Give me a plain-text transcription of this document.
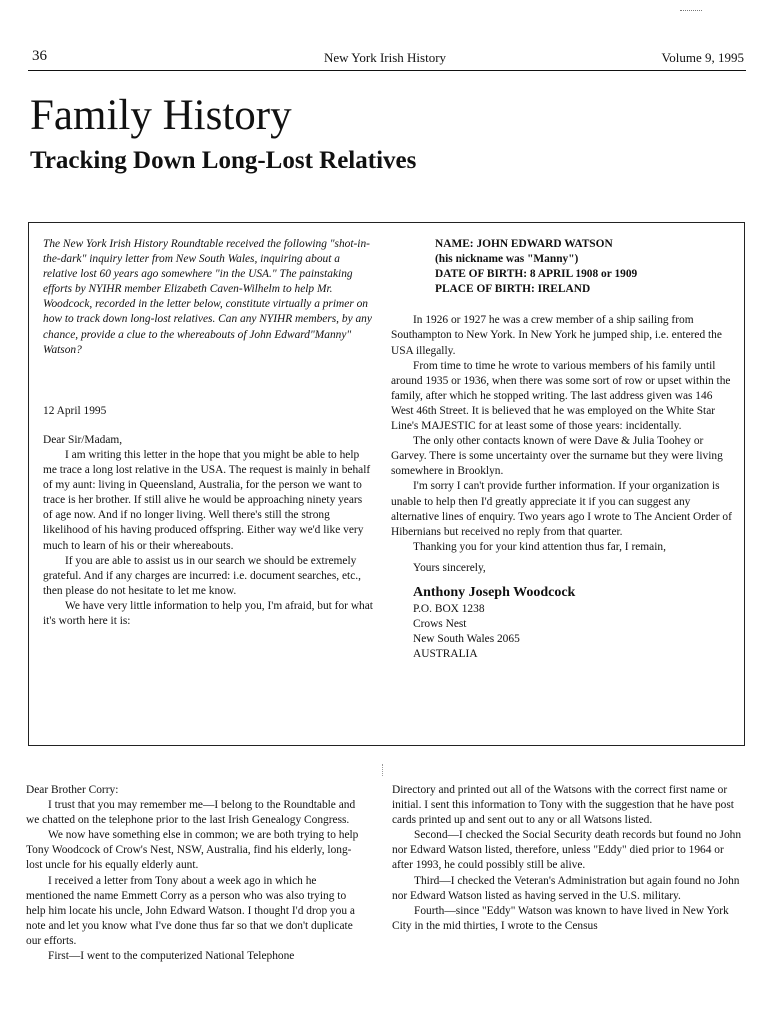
36	New York Irish History	Volume 9, 1995
Family History
Tracking Down Long-Lost Relatives

The New York Irish History Roundtable received the following "shot-in-the-dark" inquiry letter from New South Wales, inquiring about a relative lost 60 years ago somewhere "in the USA." The painstaking efforts by NYIHR member Elizabeth Caven-Wilhelm to help Mr. Woodcock, recorded in the letter below, constitute virtually a primer on how to track down long-lost relatives. Can any NYIHR members, by any chance, provide a clue to the whereabouts of John Edward"Manny" Watson?

12 April 1995

Dear Sir/Madam,

I am writing this letter in the hope that you might be able to help me trace a long lost relative in the USA. The request is mainly in behalf of my aunt: living in Queensland, Australia, for the person we want to trace is her brother. If still alive he would be approaching ninety years of age now. And if no longer living. Well there's still the strong likelihood of his having produced offspring. Either way we'd like very much to learn of his or their whereabouts.

If you are able to assist us in our search we should be extremely grateful. And if any charges are incurred: i.e. document searches, etc., then please do not hesitate to let me know.

We have very little information to help you, I'm afraid, but for what it's worth here it is:

NAME: JOHN EDWARD WATSON

(his nickname was "Manny")

DATE OF BIRTH: 8 APRIL 1908 or 1909

PLACE OF BIRTH: IRELAND

In 1926 or 1927 he was a crew member of a ship sailing from Southampton to New York. In New York he jumped ship, i.e. entered the USA illegally.

From time to time he wrote to various members of his family until around 1935 or 1936, when there was some sort of row or upset within the family, after which he stopped writing. The last address given was 146 West 46th Street. It is believed that he was employed on the White Star Line's MAJESTIC for at least some of those years: incidentally.

The only other contacts known of were Dave & Julia Toohey or Garvey. There is some uncertainty over the surname but they were living somewhere in Brooklyn.

I'm sorry I can't provide further information. If your organization is unable to help then I'd greatly appreciate it if you can suggest any alternative lines of enquiry. Two years ago I wrote to The Ancient Order of Hibernians but received no reply from that quarter.

Thanking you for your kind attention thus far, I remain,

Yours sincerely,

Anthony Joseph Woodcock

P.O. BOX 1238

Crows Nest

New South Wales 2065

AUSTRALIA

Dear Brother Corry:

I trust that you may remember me—I belong to the Roundtable and we chatted on the telephone prior to the last Irish Genealogy Congress.

We now have something else in common; we are both trying to help Tony Woodcock of Crow's Nest, NSW, Australia, find his elderly, long-lost uncle for his equally elderly aunt.

I received a letter from Tony about a week ago in which he mentioned the name Emmett Corry as a person who was also trying to help him locate his uncle, John Edward Watson. I thought I'd drop you a note and let you know what I've done thus far so that we don't duplicate our efforts.

First—I went to the computerized National Telephone

Directory and printed out all of the Watsons with the correct first name or initial. I sent this information to Tony with the suggestion that he have post cards printed up and sent out to any or all Watsons listed.

Second—I checked the Social Security death records but found no John nor Edward Watson listed, therefore, unless "Eddy" died prior to 1964 or after 1993, he could possibly still be alive.

Third—I checked the Veteran's Administration but again found no John nor Edward Watson listed as having served in the U.S. military.

Fourth—since "Eddy" Watson was known to have lived in New York City in the mid thirties, I wrote to the Census
